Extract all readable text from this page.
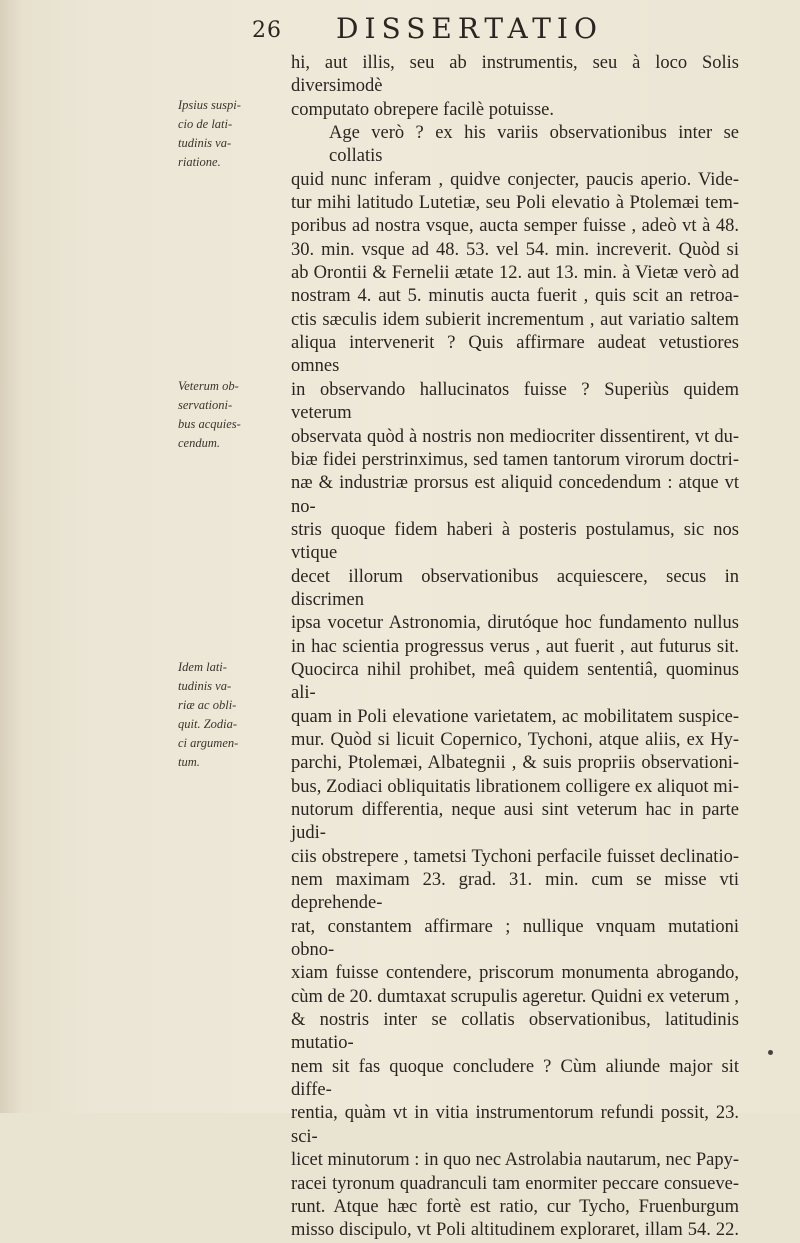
26 DISSERTATIO
Ipsius suspi-
cio de lati-
tudinis va-
riatione.
Veterum ob-
servationi-
bus acquies-
cendum.
Idem lati-
tudinis va-
riæ ac obli-
quit. Zodia-
ci argumen-
tum.
hi, aut illis, seu ab instrumentis, seu à loco Solis diversimodè
computato obrepere facilè potuisse.
Age verò ? ex his variis observationibus inter se collatis
quid nunc inferam , quidve conjecter, paucis aperio. Vide-
tur mihi latitudo Lutetiæ, seu Poli elevatio à Ptolemæi tem-
poribus ad nostra vsque, aucta semper fuisse , adeò vt à 48.
30. min. vsque ad 48. 53. vel 54. min. increverit. Quòd si
ab Orontii & Fernelii ætate 12. aut 13. min. à Vietæ verò ad
nostram 4. aut 5. minutis aucta fuerit , quis scit an retroa-
ctis sæculis idem subierit incrementum , aut variatio saltem
aliqua intervenerit ? Quis affirmare audeat vetustiores omnes
in observando hallucinatos fuisse ? Superiùs quidem veterum
observata quòd à nostris non mediocriter dissentirent, vt du-
biæ fidei perstrinximus, sed tamen tantorum virorum doctri-
næ & industriæ prorsus est aliquid concedendum : atque vt no-
stris quoque fidem haberi à posteris postulamus, sic nos vtique
decet illorum observationibus acquiescere, secus in discrimen
ipsa vocetur Astronomia, dirutóque hoc fundamento nullus
in hac scientia progressus verus , aut fuerit , aut futurus sit.
Quocirca nihil prohibet, meâ quidem sententiâ, quominus ali-
quam in Poli elevatione varietatem, ac mobilitatem suspice-
mur. Quòd si licuit Copernico, Tychoni, atque aliis, ex Hy-
parchi, Ptolemæi, Albategnii , & suis propriis observationi-
bus, Zodiaci obliquitatis librationem colligere ex aliquot mi-
nutorum differentia, neque ausi sint veterum hac in parte judi-
ciis obstrepere , tametsi Tychoni perfacile fuisset declinatio-
nem maximam 23. grad. 31. min. cum se misse vti deprehende-
rat, constantem affirmare ; nullique vnquam mutationi obno-
xiam fuisse contendere, priscorum monumenta abrogando,
cùm de 20. dumtaxat scrupulis ageretur. Quidni ex veterum ,
& nostris inter se collatis observationibus, latitudinis mutatio-
nem sit fas quoque concludere ? Cùm aliunde major sit diffe-
rentia, quàm vt in vitia instrumentorum refundi possit, 23. sci-
licet minutorum : in quo nec Astrolabia nautarum, nec Papy-
racei tyronum quadranculi tam enormiter peccare consueve-
runt. Atque hæc fortè est ratio, cur Tycho, Fruenburgum
misso discipulo, vt Poli altitudinem exploraret, illam 54. 22.
